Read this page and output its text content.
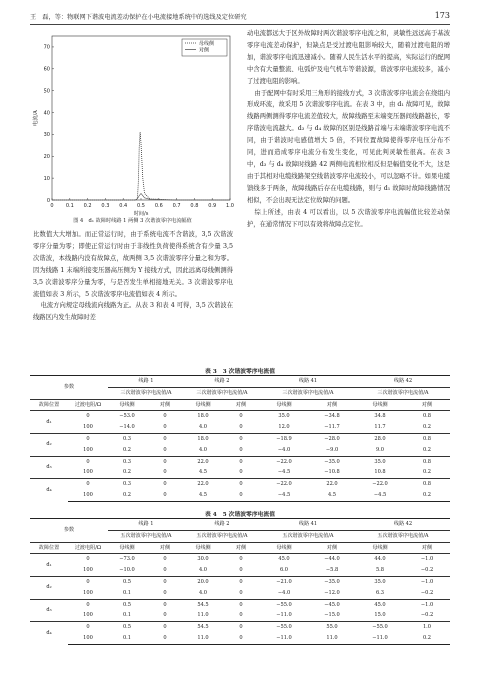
王　磊，等：物联网下谐波电流差动保护在小电流接地系统中的选线及定位研究	173
0 0.1 0.2 0.3 0.4 0.5 0.6 0.7 0.8 0.9 1.0
0
10
20
30
40
50
60
70
时间/s
电流/A
母线侧
对侧
图 4　d₁ 故障时线路 1 两侧 3 次谐波零序电流幅值

比数值大大增加。而正常运行时，由于系统电流不含谐波，3,5 次谐波零序分量为零；即使正常运行时由于非线性负荷使得系统含有少量 3,5 次谐波，本线路内没有故障点，故两侧 3,5 次谐波零序分量之和为零。因为线路 1 末端所接变压器高压侧为 Y 接线方式，因此远离母线侧测得 3,5 次谐波零序分量为零，与是否发生单相接地无关。3 次谐波零序电流值如表 3 所示，5 次谐波零序电流值如表 4 所示。

电流方向规定母线流向线路为正。从表 3 和表 4 可得，3,5 次谐波在线路区内发生故障时差

动电流都远大于区外故障时两次谐波零序电流之和，灵敏性远远高于基波零序电流差动保护，但缺点是受过渡电阻影响较大，随着过渡电阻的增加，谐波零序电流迅速减小。随着人民生活水平的提高，实际运行的配网中含有大量整流、电弧炉及电气机车等谐波源，谐波零序电流较多，减小了过渡电阻的影响。

由于配网中有时采用三角形的接线方式，3 次谐波零序电流会在绕组内形成环流，故采用 5 次谐波零序电流。在表 3 中，由 d₁ 故障可见，故障线路两侧测得零序电流差值较大，故障线路至末端变压器间线路越长，零序谐波电流越大。d₃ 与 d₄ 故障的区别是线路首端与末端谐波零序电流不同，由于谐波时电感值增大 5 倍，不同位置故障使得零序电压分布不同，进而造成零序电流分布发生变化，可见此判灵敏性很高。在表 3 中，d₃ 与 d₄ 故障时线路 42 两侧电流相位相反但是幅值变化不大，这是由于其相对电缆线路架空线谐波零序电流较小，可以忽略不计。如果电缆馈线多于两条，故障线路后存在电缆线路，则与 d₁ 故障时故障线路情况相似，不会出现无法定位故障的问题。

综上所述，由表 4 可以看出，以 5 次谐波零序电流幅值比较差动保护，在通常情况下可以有效将故障点定位。

表 3　3 次谐波零序电流值
参数		线路 1		线路 2		线路 41		线路 42	
		三次谐波零序电流值/A		三次谐波零序电流值/A		三次谐波零序电流值/A		三次谐波零序电流值/A	
故障位置	过渡电阻/Ω	母线侧	对侧	母线侧	对侧	母线侧	对侧	母线侧	对侧
d₁	0	−53.0	0	18.0	0	35.0	−34.8	34.8	0.8
	100	−14.0	0	4.0	0	12.0	−11.7	11.7	0.2
d₂	0	0.3	0	18.0	0	−18.9	−28.0	28.0	0.8
	100	0.2	0	4.0	0	−4.0	−9.0	9.0	0.2
d₃	0	0.3	0	22.0	0	−22.0	−35.0	35.0	0.8
	100	0.2	0	4.5	0	−4.5	−10.8	10.8	0.2
d₄	0	0.3	0	22.0	0	−22.0	22.0	−22.0	0.8
	100	0.2	0	4.5	0	−4.5	4.5	−4.5	0.2
表 4　5 次谐波零序电流值
参数		线路 1		线路 2		线路 41		线路 42	
		五次谐波零序电流值/A		五次谐波零序电流值/A		五次谐波零序电流值/A		五次谐波零序电流值/A	
故障位置	过渡电阻/Ω	母线侧	对侧	母线侧	对侧	母线侧	对侧	母线侧	对侧
d₁	0	−73.0	0	30.0	0	45.0	−44.0	44.0	−1.0
	100	−10.0	0	4.0	0	6.0	−5.8	5.8	−0.2
d₂	0	0.5	0	20.0	0	−21.0	−35.0	35.0	−1.0
	100	0.1	0	4.0	0	−4.0	−12.0	6.3	−0.2
d₃	0	0.5	0	54.5	0	−55.0	−45.0	45.0	−1.0
	100	0.1	0	11.0	0	−11.0	−15.0	15.0	−0.2
d₄	0	0.5	0	54.5	0	−55.0	55.0	−55.0	1.0
	100	0.1	0	11.0	0	−11.0	11.0	−11.0	0.2
